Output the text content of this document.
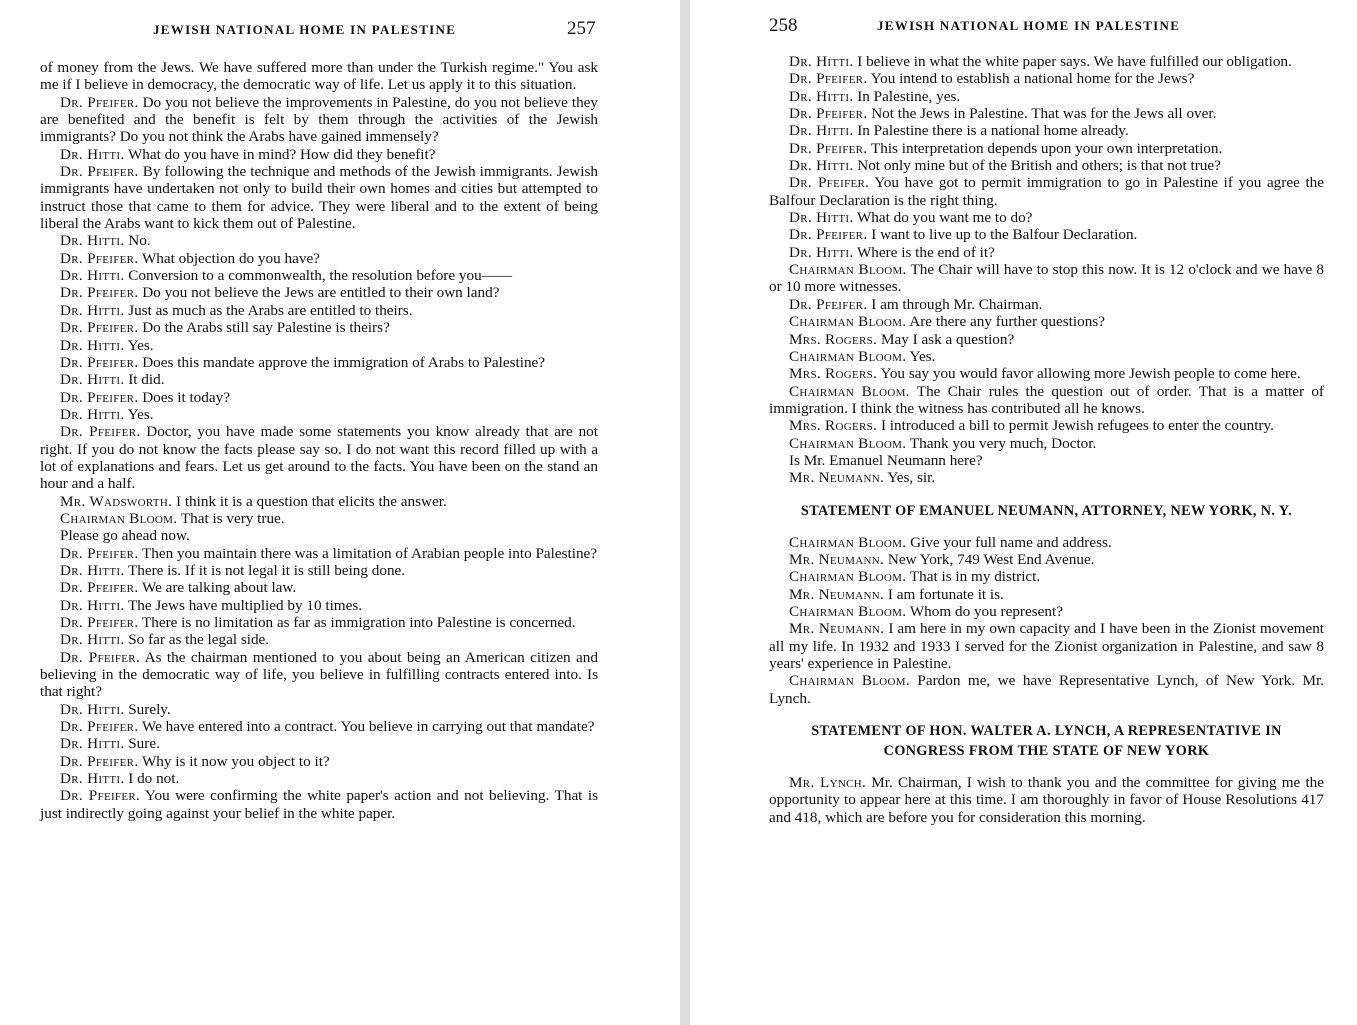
JEWISH NATIONAL HOME IN PALESTINE	257

of money from the Jews. We have suffered more than under the Turkish regime." You ask me if I believe in democracy, the democratic way of life. Let us apply it to this situation.

Dr. Pfeifer. Do you not believe the improvements in Palestine, do you not believe they are benefited and the benefit is felt by them through the activities of the Jewish immigrants? Do you not think the Arabs have gained immensely?

Dr. Hitti. What do you have in mind? How did they benefit?

Dr. Pfeifer. By following the technique and methods of the Jewish immigrants. Jewish immigrants have undertaken not only to build their own homes and cities but attempted to instruct those that came to them for advice. They were liberal and to the extent of being liberal the Arabs want to kick them out of Palestine.

Dr. Hitti. No.

Dr. Pfeifer. What objection do you have?

Dr. Hitti. Conversion to a commonwealth, the resolution before you——

Dr. Pfeifer. Do you not believe the Jews are entitled to their own land?

Dr. Hitti. Just as much as the Arabs are entitled to theirs.

Dr. Pfeifer. Do the Arabs still say Palestine is theirs?

Dr. Hitti. Yes.

Dr. Pfeifer. Does this mandate approve the immigration of Arabs to Palestine?

Dr. Hitti. It did.

Dr. Pfeifer. Does it today?

Dr. Hitti. Yes.

Dr. Pfeifer. Doctor, you have made some statements you know already that are not right. If you do not know the facts please say so. I do not want this record filled up with a lot of explanations and fears. Let us get around to the facts. You have been on the stand an hour and a half.

Mr. Wadsworth. I think it is a question that elicits the answer.

Chairman Bloom. That is very true.

Please go ahead now.

Dr. Pfeifer. Then you maintain there was a limitation of Arabian people into Palestine?

Dr. Hitti. There is. If it is not legal it is still being done.

Dr. Pfeifer. We are talking about law.

Dr. Hitti. The Jews have multiplied by 10 times.

Dr. Pfeifer. There is no limitation as far as immigration into Palestine is concerned.

Dr. Hitti. So far as the legal side.

Dr. Pfeifer. As the chairman mentioned to you about being an American citizen and believing in the democratic way of life, you believe in fulfilling contracts entered into. Is that right?

Dr. Hitti. Surely.

Dr. Pfeifer. We have entered into a contract. You believe in carrying out that mandate?

Dr. Hitti. Sure.

Dr. Pfeifer. Why is it now you object to it?

Dr. Hitti. I do not.

Dr. Pfeifer. You were confirming the white paper's action and not believing. That is just indirectly going against your belief in the white paper.

258	JEWISH NATIONAL HOME IN PALESTINE

Dr. Hitti. I believe in what the white paper says. We have fulfilled our obligation.

Dr. Pfeifer. You intend to establish a national home for the Jews?

Dr. Hitti. In Palestine, yes.

Dr. Pfeifer. Not the Jews in Palestine. That was for the Jews all over.

Dr. Hitti. In Palestine there is a national home already.

Dr. Pfeifer. This interpretation depends upon your own interpretation.

Dr. Hitti. Not only mine but of the British and others; is that not true?

Dr. Pfeifer. You have got to permit immigration to go in Palestine if you agree the Balfour Declaration is the right thing.

Dr. Hitti. What do you want me to do?

Dr. Pfeifer. I want to live up to the Balfour Declaration.

Dr. Hitti. Where is the end of it?

Chairman Bloom. The Chair will have to stop this now. It is 12 o'clock and we have 8 or 10 more witnesses.

Dr. Pfeifer. I am through Mr. Chairman.

Chairman Bloom. Are there any further questions?

Mrs. Rogers. May I ask a question?

Chairman Bloom. Yes.

Mrs. Rogers. You say you would favor allowing more Jewish people to come here.

Chairman Bloom. The Chair rules the question out of order. That is a matter of immigration. I think the witness has contributed all he knows.

Mrs. Rogers. I introduced a bill to permit Jewish refugees to enter the country.

Chairman Bloom. Thank you very much, Doctor.

Is Mr. Emanuel Neumann here?

Mr. Neumann. Yes, sir.

STATEMENT OF EMANUEL NEUMANN, ATTORNEY, NEW YORK, N. Y.

Chairman Bloom. Give your full name and address.

Mr. Neumann. New York, 749 West End Avenue.

Chairman Bloom. That is in my district.

Mr. Neumann. I am fortunate it is.

Chairman Bloom. Whom do you represent?

Mr. Neumann. I am here in my own capacity and I have been in the Zionist movement all my life. In 1932 and 1933 I served for the Zionist organization in Palestine, and saw 8 years' experience in Palestine.

Chairman Bloom. Pardon me, we have Representative Lynch, of New York. Mr. Lynch.

STATEMENT OF HON. WALTER A. LYNCH, A REPRESENTATIVE IN CONGRESS FROM THE STATE OF NEW YORK

Mr. Lynch. Mr. Chairman, I wish to thank you and the committee for giving me the opportunity to appear here at this time. I am thoroughly in favor of House Resolutions 417 and 418, which are before you for consideration this morning.
